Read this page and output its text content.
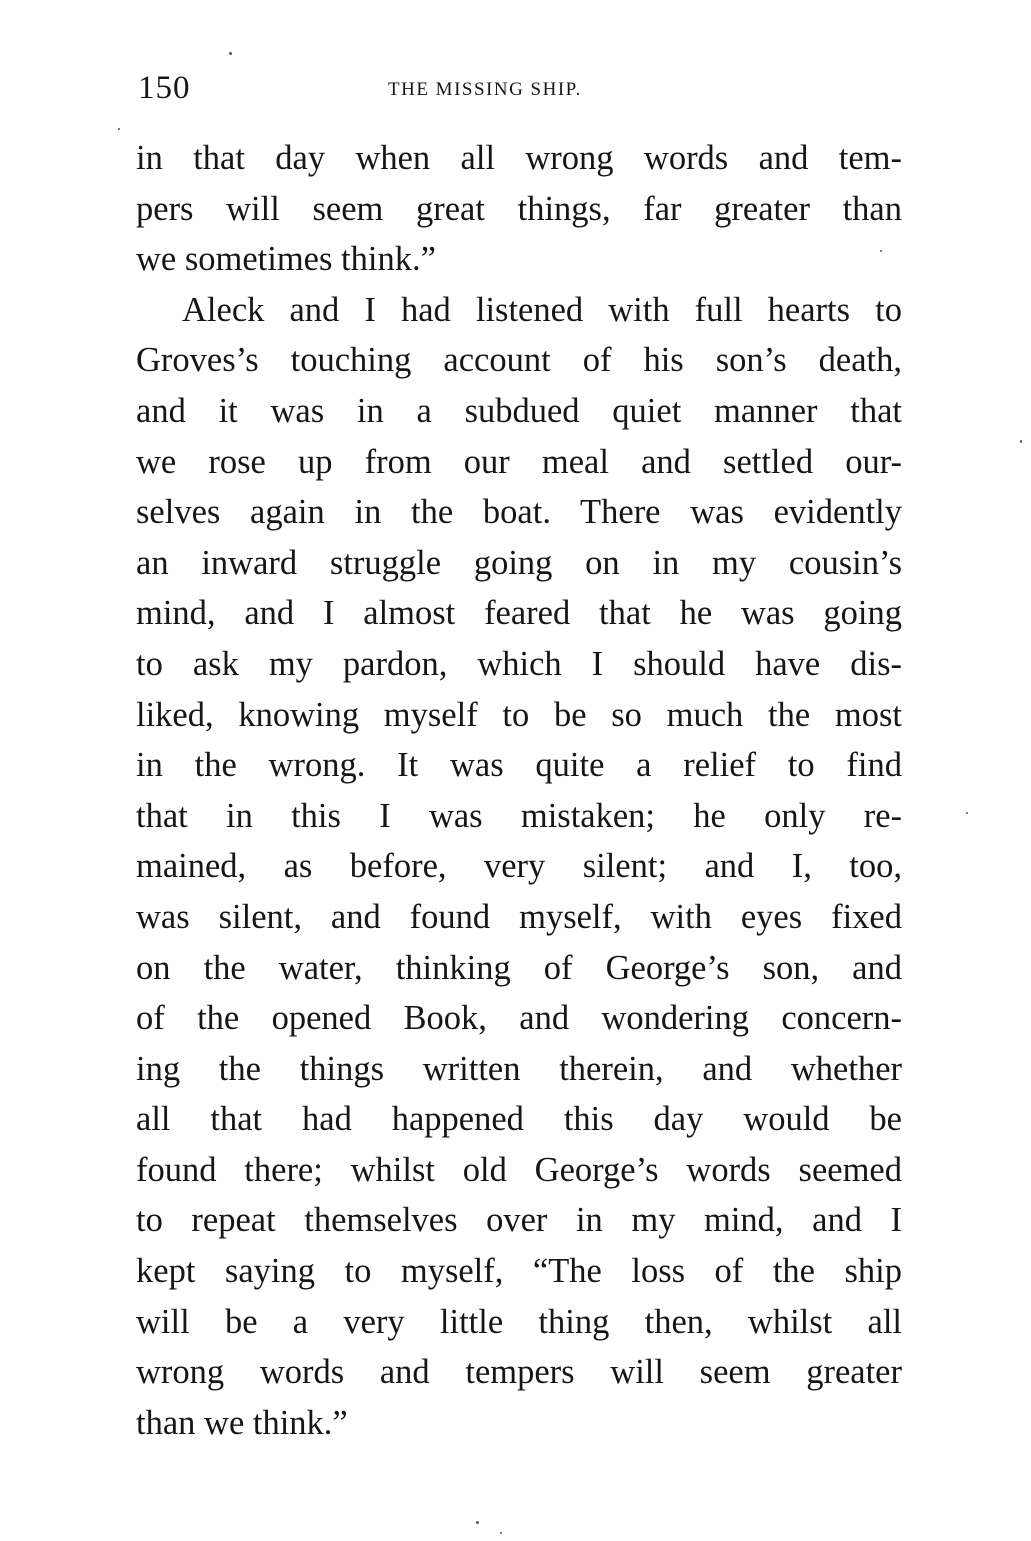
150	THE MISSING SHIP.
in that day when all wrong words and tem-
pers will seem great things, far greater than
we sometimes think.”
Aleck and I had listened with full hearts to
Groves’s touching account of his son’s death,
and it was in a subdued quiet manner that
we rose up from our meal and settled our-
selves again in the boat. There was evidently
an inward struggle going on in my cousin’s
mind, and I almost feared that he was going
to ask my pardon, which I should have dis-
liked, knowing myself to be so much the most
in the wrong. It was quite a relief to find
that in this I was mistaken; he only re-
mained, as before, very silent; and I, too,
was silent, and found myself, with eyes fixed
on the water, thinking of George’s son, and
of the opened Book, and wondering concern-
ing the things written therein, and whether
all that had happened this day would be
found there; whilst old George’s words seemed
to repeat themselves over in my mind, and I
kept saying to myself, “The loss of the ship
will be a very little thing then, whilst all
wrong words and tempers will seem greater
than we think.”
